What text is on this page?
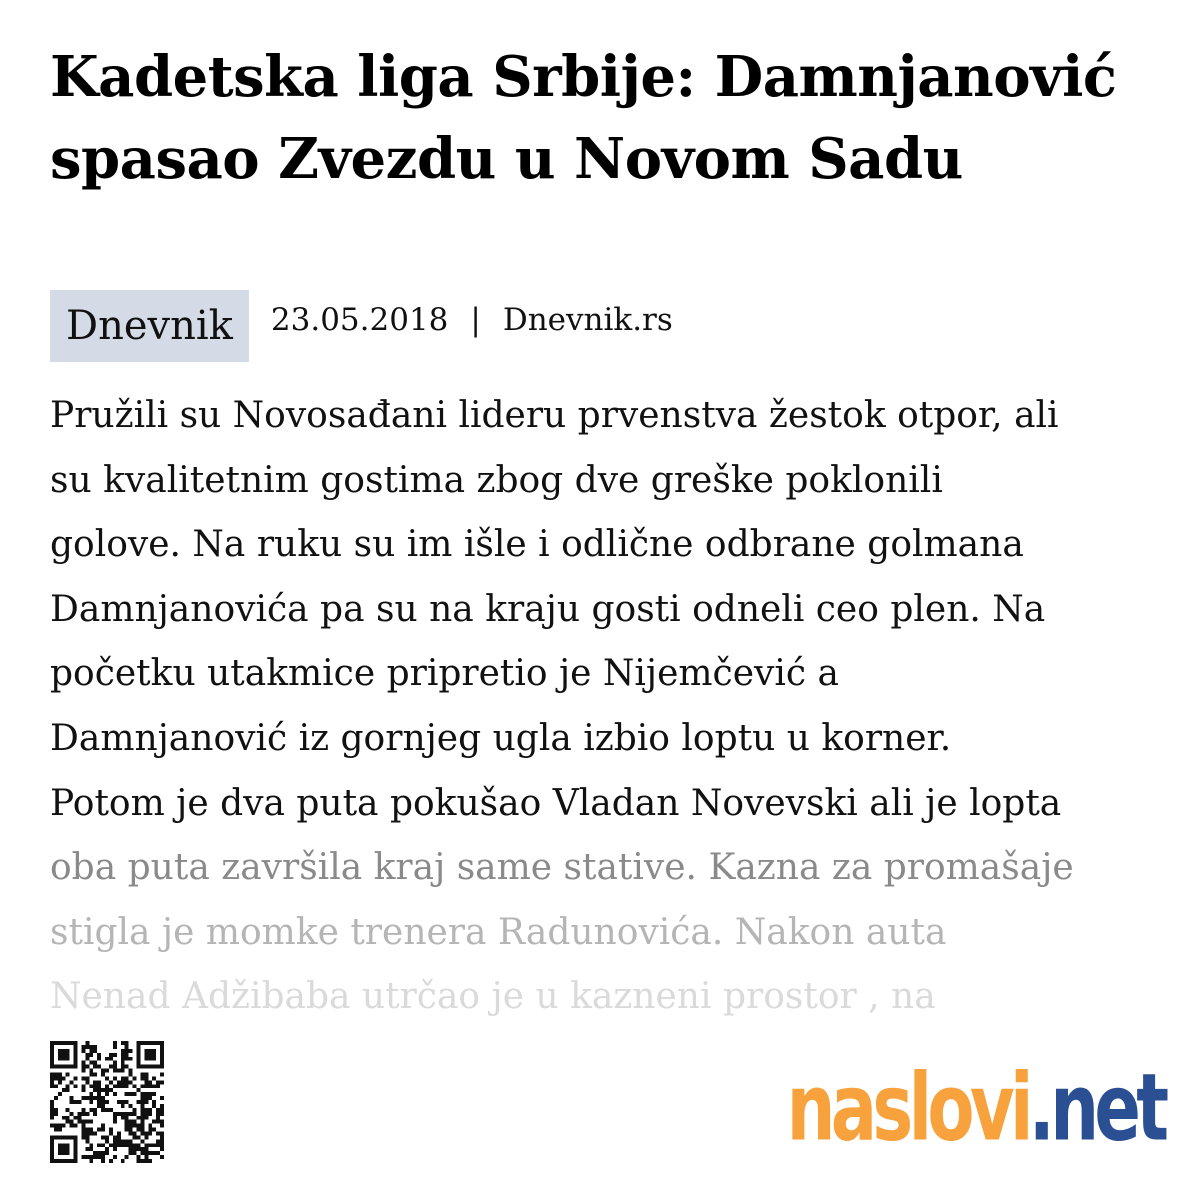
Kadetska liga Srbije: Damnjanović spasao Zvezdu u Novom Sadu
Dnevnik	23.05.2018 | Dnevnik.rs
Pružili su Novosađani lideru prvenstva žestok otpor, ali
su kvalitetnim gostima zbog dve greške poklonili
golove. Na ruku su im išle i odlične odbrane golmana
Damnjanovića pa su na kraju gosti odneli ceo plen. Na
početku utakmice pripretio je Nijemčević a
Damnjanović iz gornjeg ugla izbio loptu u korner.
Potom je dva puta pokušao Vladan Novevski ali je lopta
oba puta završila kraj same stative. Kazna za promašaje
stigla je momke trenera Radunovića. Nakon auta
Nenad Adžibaba utrčao je u kazneni prostor , na
naslovi.net
